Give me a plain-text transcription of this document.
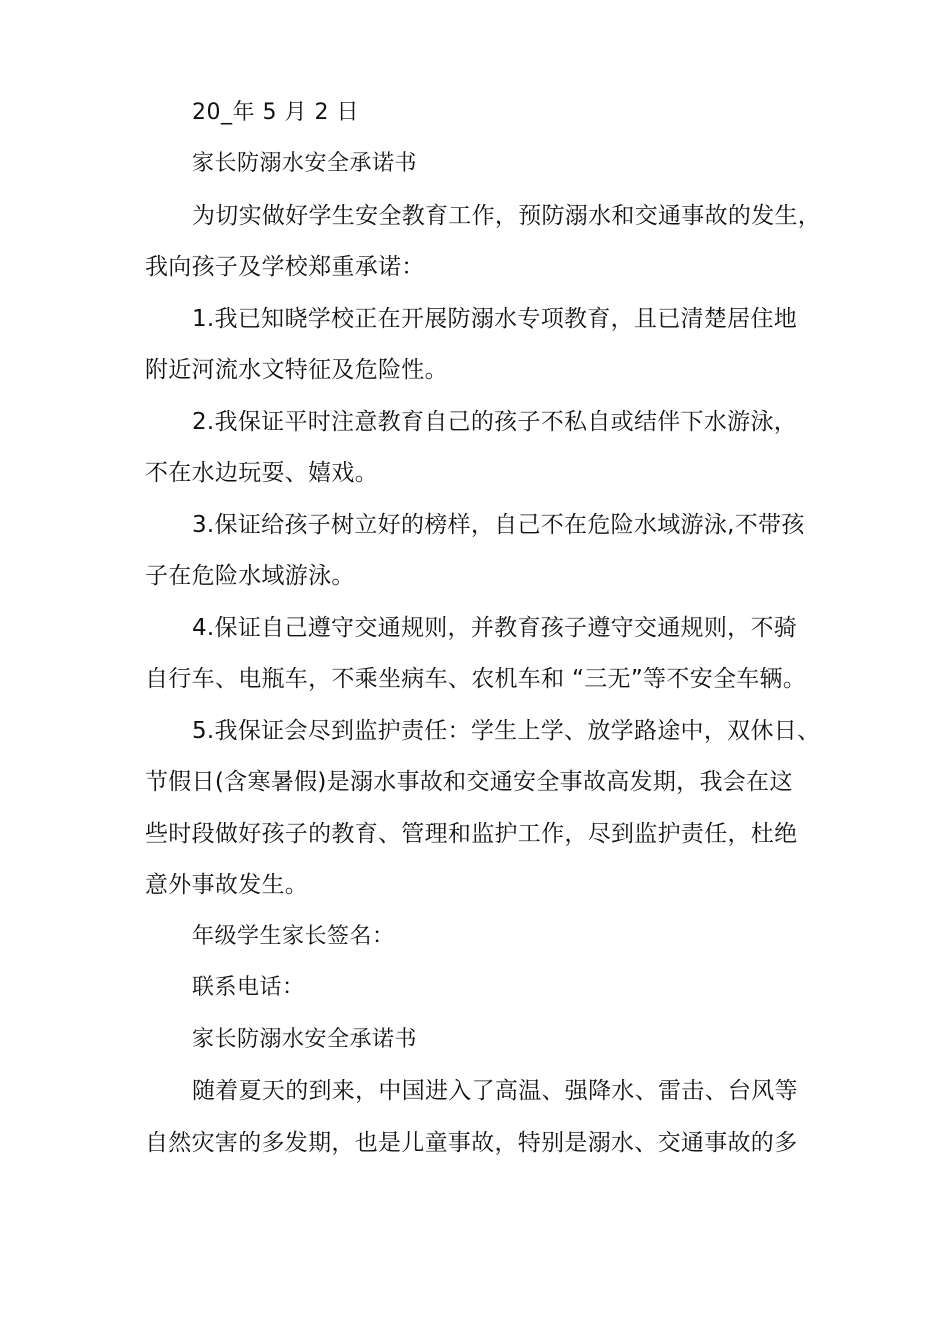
20_年 5 月 2 日
家长防溺水安全承诺书
为切实做好学生安全教育工作，预防溺水和交通事故的发生，
我向孩子及学校郑重承诺：
1.我已知晓学校正在开展防溺水专项教育，且已清楚居住地
附近河流水文特征及危险性。
2.我保证平时注意教育自己的孩子不私自或结伴下水游泳，
不在水边玩耍、嬉戏。
3.保证给孩子树立好的榜样，自己不在危险水域游泳,不带孩
子在危险水域游泳。
4.保证自己遵守交通规则，并教育孩子遵守交通规则，不骑
自行车、电瓶车，不乘坐病车、农机车和 “三无”等不安全车辆。
5.我保证会尽到监护责任：学生上学、放学路途中，双休日、
节假日(含寒暑假)是溺水事故和交通安全事故高发期，我会在这
些时段做好孩子的教育、管理和监护工作，尽到监护责任，杜绝
意外事故发生。
年级学生家长签名：
联系电话：
家长防溺水安全承诺书
随着夏天的到来，中国进入了高温、强降水、雷击、台风等
自然灾害的多发期，也是儿童事故，特别是溺水、交通事故的多
